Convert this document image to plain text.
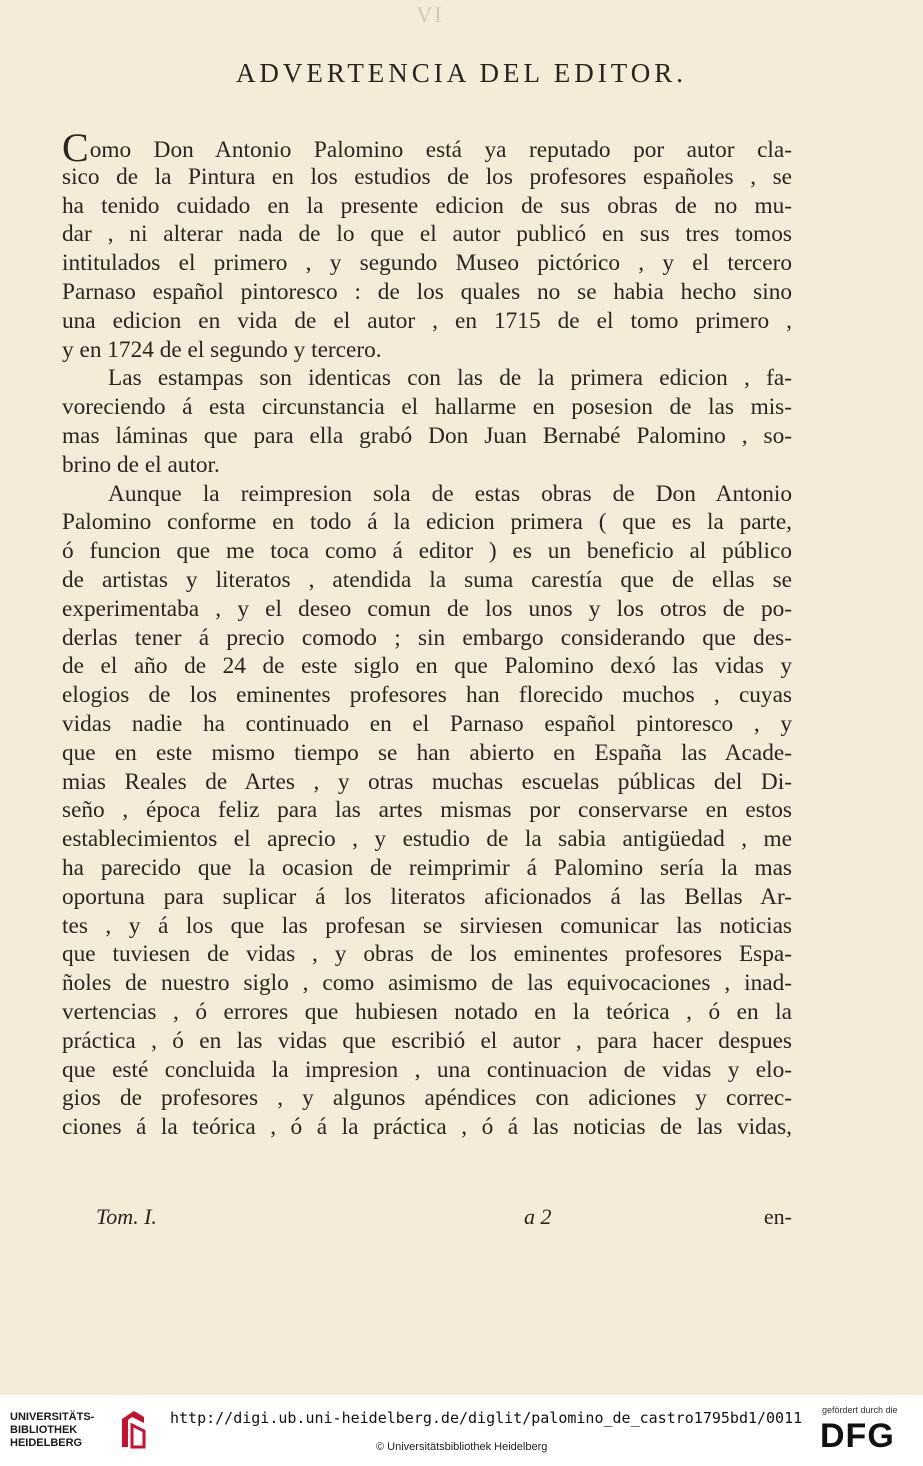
VI
ADVERTENCIA DEL EDITOR.
Como Don Antonio Palomino está ya reputado por autor cla-
sico de la Pintura en los estudios de los profesores españoles , se
ha tenido cuidado en la presente edicion de sus obras de no mu-
dar , ni alterar nada de lo que el autor publicó en sus tres tomos
intitulados el primero , y segundo Museo pictórico , y el tercero
Parnaso español pintoresco : de los quales no se habia hecho sino
una edicion en vida de el autor , en 1715 de el tomo primero ,
y en 1724 de el segundo y tercero.
Las estampas son identicas con las de la primera edicion , fa-
voreciendo á esta circunstancia el hallarme en posesion de las mis-
mas láminas que para ella grabó Don Juan Bernabé Palomino , so-
brino de el autor.
Aunque la reimpresion sola de estas obras de Don Antonio
Palomino conforme en todo á la edicion primera ( que es la parte,
ó funcion que me toca como á editor ) es un beneficio al público
de artistas y literatos , atendida la suma carestía que de ellas se
experimentaba , y el deseo comun de los unos y los otros de po-
derlas tener á precio comodo ; sin embargo considerando que des-
de el año de 24 de este siglo en que Palomino dexó las vidas y
elogios de los eminentes profesores han florecido muchos , cuyas
vidas nadie ha continuado en el Parnaso español pintoresco , y
que en este mismo tiempo se han abierto en España las Acade-
mias Reales de Artes , y otras muchas escuelas públicas del Di-
seño , época feliz para las artes mismas por conservarse en estos
establecimientos el aprecio , y estudio de la sabia antigüedad , me
ha parecido que la ocasion de reimprimir á Palomino sería la mas
oportuna para suplicar á los literatos aficionados á las Bellas Ar-
tes , y á los que las profesan se sirviesen comunicar las noticias
que tuviesen de vidas , y obras de los eminentes profesores Espa-
ñoles de nuestro siglo , como asimismo de las equivocaciones , inad-
vertencias , ó errores que hubiesen notado en la teórica , ó en la
práctica , ó en las vidas que escribió el autor , para hacer despues
que esté concluida la impresion , una continuacion de vidas y elo-
gios de profesores , y algunos apéndices con adiciones y correc-
ciones á la teórica , ó á la práctica , ó á las noticias de las vidas,
Tom. I.	a 2	en-
UNIVERSITÄTS-
BIBLIOTHEK
HEIDELBERG
http://digi.ub.uni-heidelberg.de/diglit/palomino_de_castro1795bd1/0011
© Universitätsbibliothek Heidelberg
gefördert durch die
DFG
